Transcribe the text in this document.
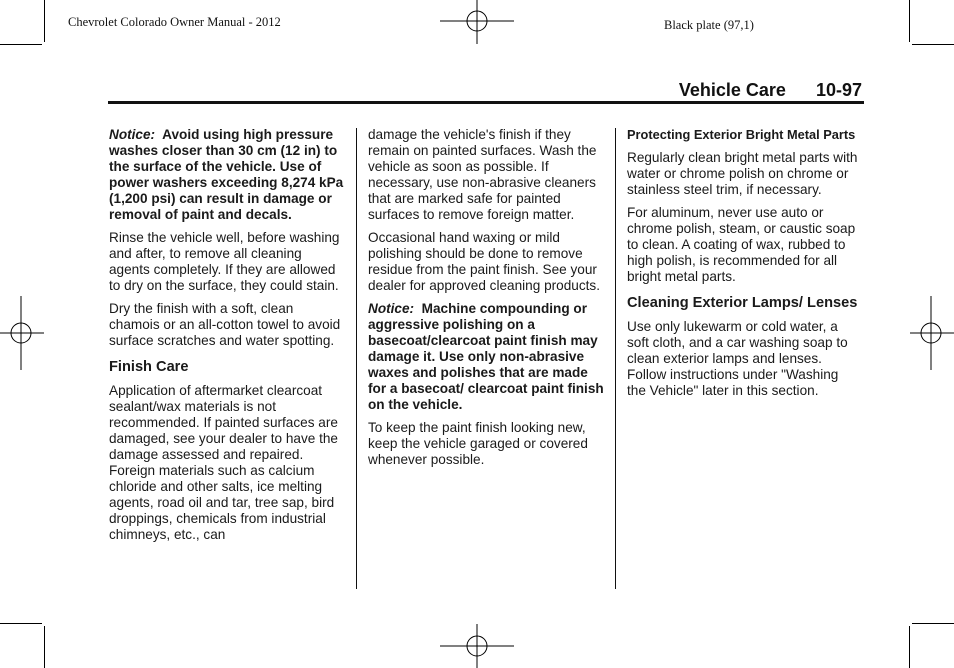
Chevrolet Colorado Owner Manual - 2012	Black plate (97,1)
Vehicle Care 10-97

Notice: Avoid using high pressure washes closer than 30 cm (12 in) to the surface of the vehicle. Use of power washers exceeding 8,274 kPa (1,200 psi) can result in damage or removal of paint and decals.

Rinse the vehicle well, before washing and after, to remove all cleaning agents completely. If they are allowed to dry on the surface, they could stain.

Dry the finish with a soft, clean chamois or an all-cotton towel to avoid surface scratches and water spotting.

Finish Care

Application of aftermarket clearcoat sealant/wax materials is not recommended. If painted surfaces are damaged, see your dealer to have the damage assessed and repaired. Foreign materials such as calcium chloride and other salts, ice melting agents, road oil and tar, tree sap, bird droppings, chemicals from industrial chimneys, etc., can

damage the vehicle's finish if they remain on painted surfaces. Wash the vehicle as soon as possible. If necessary, use non-abrasive cleaners that are marked safe for painted surfaces to remove foreign matter.

Occasional hand waxing or mild polishing should be done to remove residue from the paint finish. See your dealer for approved cleaning products.

Notice: Machine compounding or aggressive polishing on a basecoat/clearcoat paint finish may damage it. Use only non-abrasive waxes and polishes that are made for a basecoat/ clearcoat paint finish on the vehicle.

To keep the paint finish looking new, keep the vehicle garaged or covered whenever possible.

Protecting Exterior Bright Metal Parts

Regularly clean bright metal parts with water or chrome polish on chrome or stainless steel trim, if necessary.

For aluminum, never use auto or chrome polish, steam, or caustic soap to clean. A coating of wax, rubbed to high polish, is recommended for all bright metal parts.

Cleaning Exterior Lamps/ Lenses

Use only lukewarm or cold water, a soft cloth, and a car washing soap to clean exterior lamps and lenses. Follow instructions under "Washing the Vehicle" later in this section.
